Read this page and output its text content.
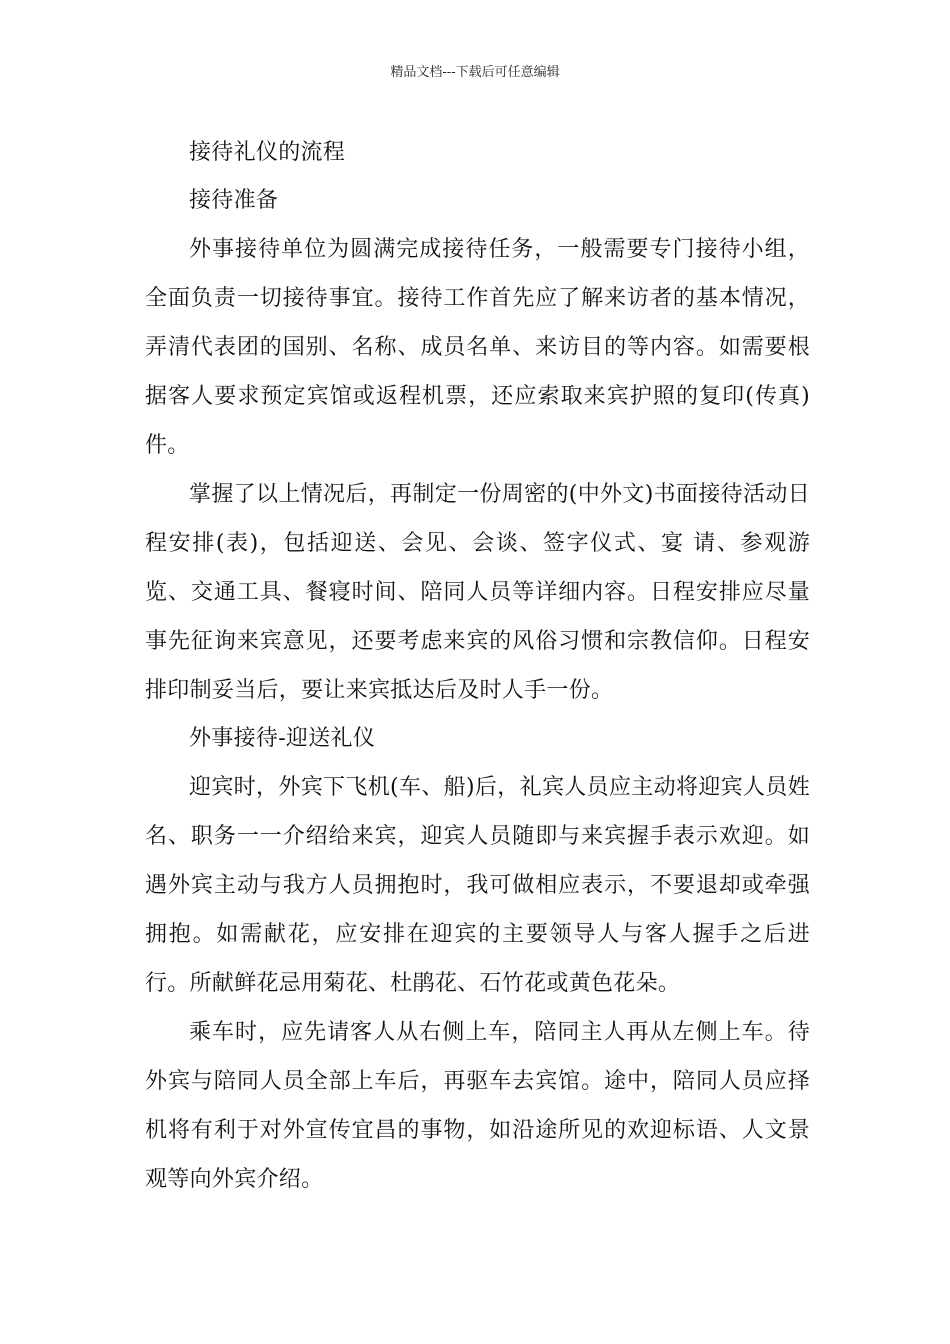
精品文档---下载后可任意编辑

接待礼仪的流程

接待准备

外事接待单位为圆满完成接待任务，一般需要专门接待小组，全面负责一切接待事宜。接待工作首先应了解来访者的基本情况，弄清代表团的国别、名称、成员名单、来访目的等内容。如需要根据客人要求预定宾馆或返程机票，还应索取来宾护照的复印(传真)件。

掌握了以上情况后，再制定一份周密的(中外文)书面接待活动日程安排(表)，包括迎送、会见、会谈、签字仪式、宴 请、参观游览、交通工具、餐寝时间、陪同人员等详细内容。日程安排应尽量事先征询来宾意见，还要考虑来宾的风俗习惯和宗教信仰。日程安排印制妥当后，要让来宾抵达后及时人手一份。

外事接待-迎送礼仪

迎宾时，外宾下飞机(车、船)后，礼宾人员应主动将迎宾人员姓名、职务一一介绍给来宾，迎宾人员随即与来宾握手表示欢迎。如遇外宾主动与我方人员拥抱时，我可做相应表示，不要退却或牵强拥抱。如需献花，应安排在迎宾的主要领导人与客人握手之后进行。所献鲜花忌用菊花、杜鹃花、石竹花或黄色花朵。

乘车时，应先请客人从右侧上车，陪同主人再从左侧上车。待外宾与陪同人员全部上车后，再驱车去宾馆。途中，陪同人员应择机将有利于对外宣传宜昌的事物，如沿途所见的欢迎标语、人文景观等向外宾介绍。
